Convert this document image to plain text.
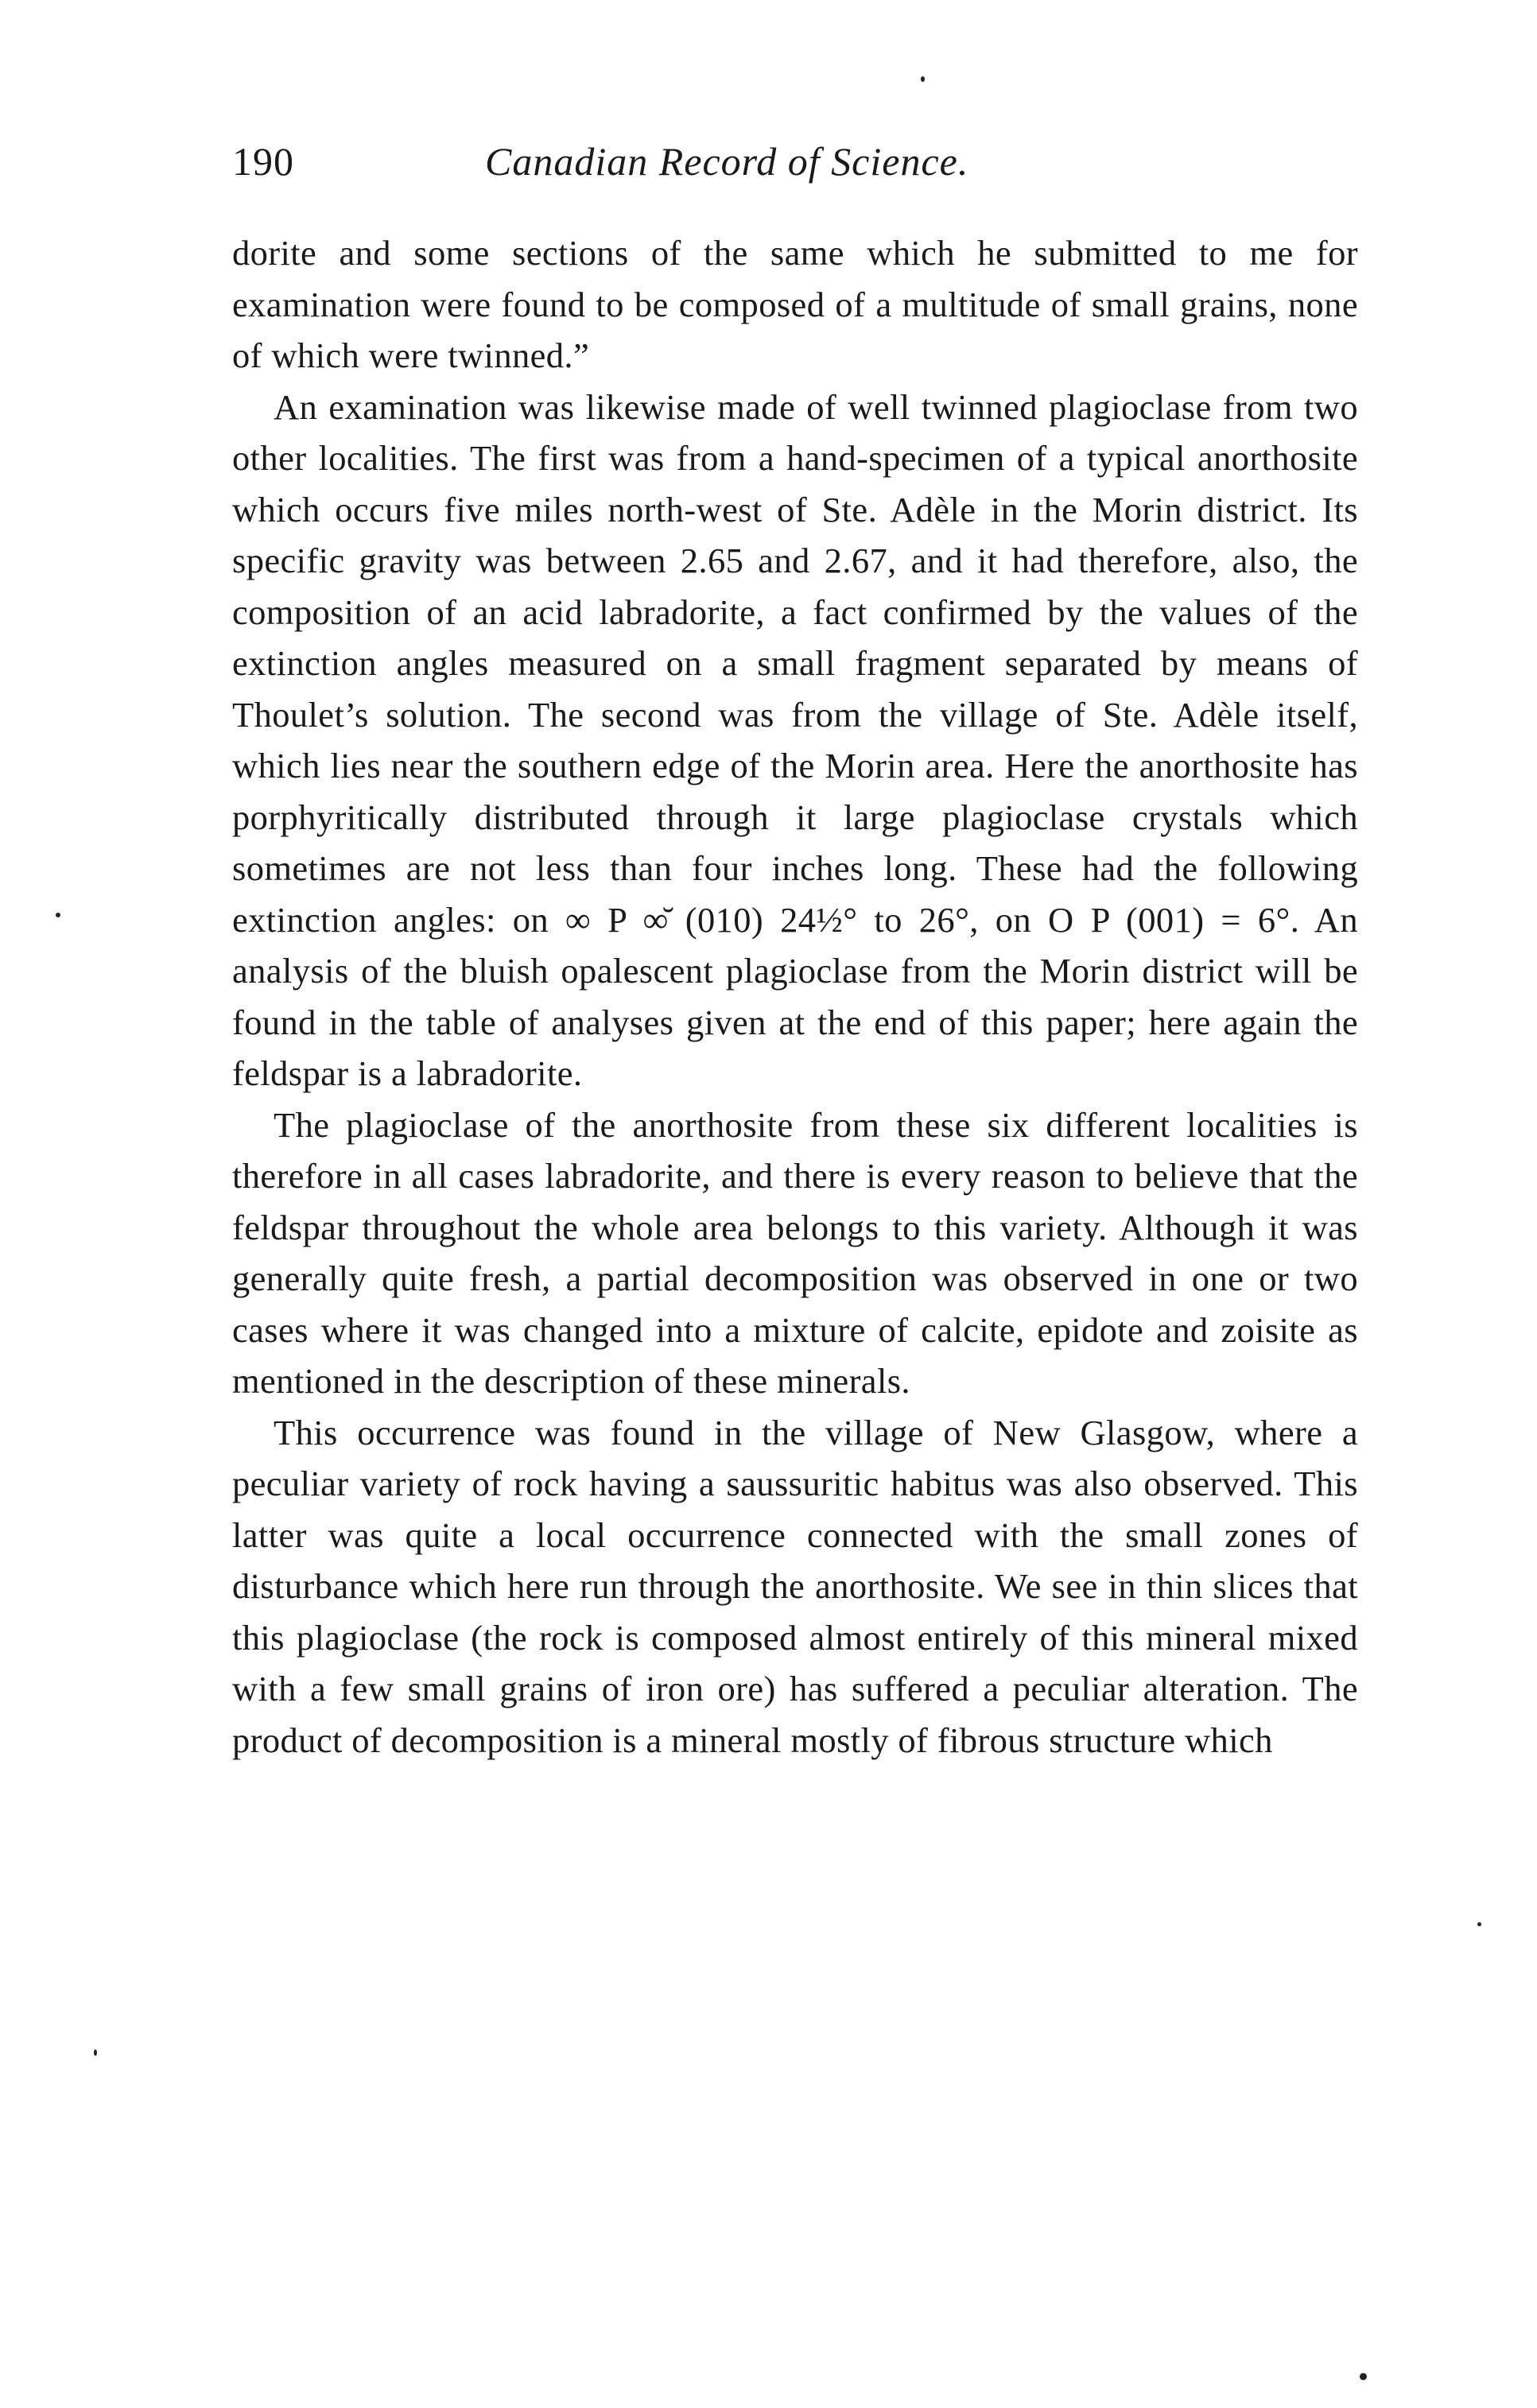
190	Canadian Record of Science.

dorite and some sections of the same which he submitted to me for examination were found to be composed of a multitude of small grains, none of which were twinned.”

An examination was likewise made of well twinned plagioclase from two other localities. The first was from a hand-specimen of a typical anorthosite which occurs five miles north-west of Ste. Adèle in the Morin district. Its specific gravity was between 2.65 and 2.67, and it had therefore, also, the composition of an acid labradorite, a fact confirmed by the values of the extinction angles measured on a small fragment separated by means of Thoulet’s solution. The second was from the village of Ste. Adèle itself, which lies near the southern edge of the Morin area. Here the anorthosite has porphyritically distributed through it large plagioclase crystals which sometimes are not less than four inches long. These had the following extinction angles: on ∞ P ∞̆ (010) 24½° to 26°, on O P (001) = 6°. An analysis of the bluish opalescent plagioclase from the Morin district will be found in the table of analyses given at the end of this paper; here again the feldspar is a labradorite.

The plagioclase of the anorthosite from these six different localities is therefore in all cases labradorite, and there is every reason to believe that the feldspar throughout the whole area belongs to this variety. Although it was generally quite fresh, a partial decomposition was observed in one or two cases where it was changed into a mixture of calcite, epidote and zoisite as mentioned in the description of these minerals.

This occurrence was found in the village of New Glasgow, where a peculiar variety of rock having a saussuritic habitus was also observed. This latter was quite a local occurrence connected with the small zones of disturbance which here run through the anorthosite. We see in thin slices that this plagioclase (the rock is composed almost entirely of this mineral mixed with a few small grains of iron ore) has suffered a peculiar alteration. The product of decomposition is a mineral mostly of fibrous structure which
